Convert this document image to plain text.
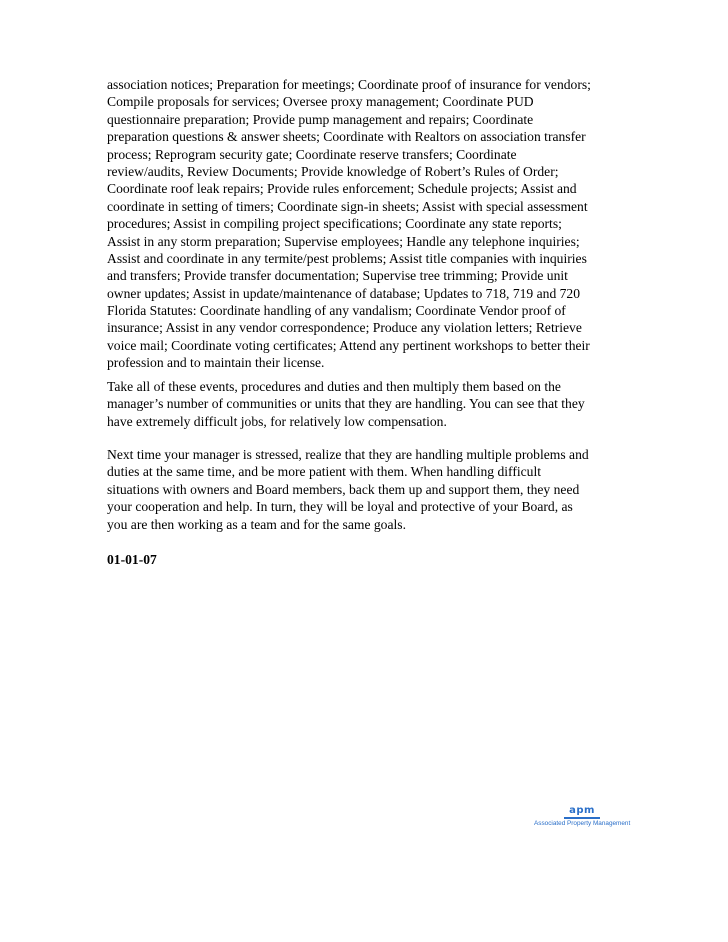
association notices; Preparation for meetings; Coordinate proof of insurance for vendors;
Compile proposals for services; Oversee proxy management; Coordinate PUD
questionnaire preparation; Provide pump management and repairs; Coordinate
preparation questions & answer sheets; Coordinate with Realtors on association transfer
process; Reprogram security gate; Coordinate reserve transfers; Coordinate
review/audits, Review Documents; Provide knowledge of Robert’s Rules of Order;
Coordinate roof leak repairs; Provide rules enforcement; Schedule projects; Assist and
coordinate in setting of timers; Coordinate sign-in sheets; Assist with special assessment
procedures; Assist in compiling project specifications; Coordinate any state reports;
Assist in any storm preparation; Supervise employees; Handle any telephone inquiries;
Assist and coordinate in any termite/pest problems; Assist title companies with inquiries
and transfers; Provide transfer documentation; Supervise tree trimming; Provide unit
owner updates; Assist in update/maintenance of database; Updates to 718, 719 and 720
Florida Statutes: Coordinate handling of any vandalism; Coordinate Vendor proof of
insurance; Assist in any vendor correspondence; Produce any violation letters; Retrieve
voice mail; Coordinate voting certificates; Attend any pertinent workshops to better their
profession and to maintain their license.
Take all of these events, procedures and duties and then multiply them based on the
manager’s number of communities or units that they are handling. You can see that they
have extremely difficult jobs, for relatively low compensation.
Next time your manager is stressed, realize that they are handling multiple problems and
duties at the same time, and be more patient with them. When handling difficult
situations with owners and Board members, back them up and support them, they need
your cooperation and help. In turn, they will be loyal and protective of your Board, as
you are then working as a team and for the same goals.

01-01-07

apm
Associated Property Management
